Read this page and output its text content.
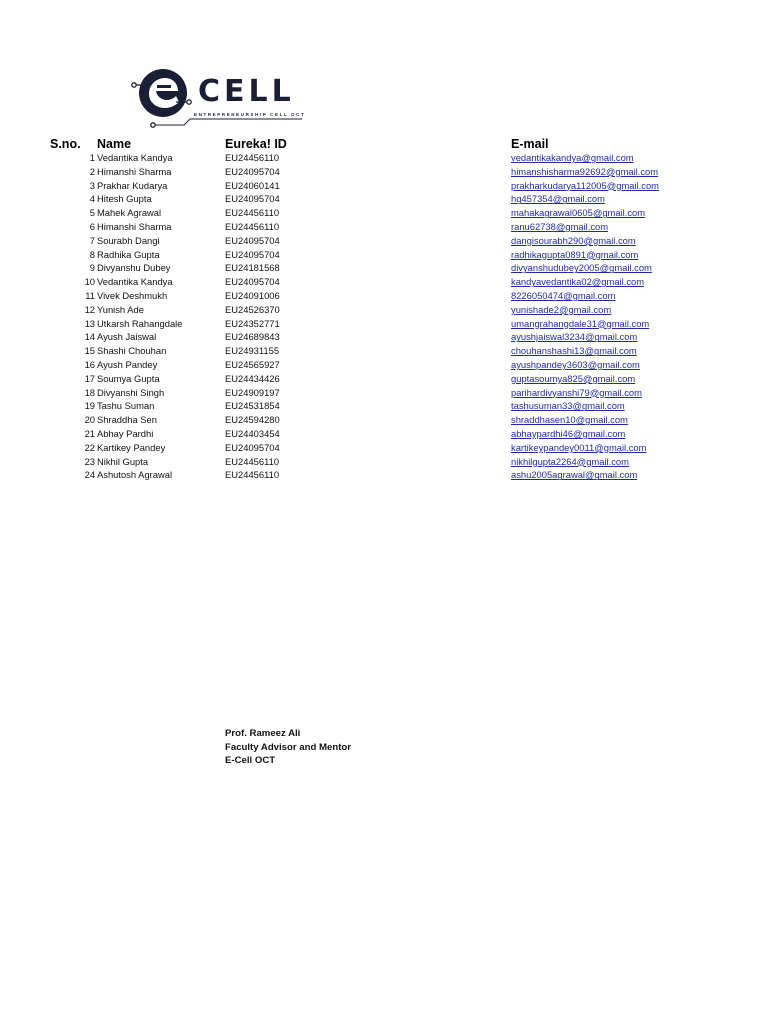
CELL
ENTREPRENEURSHIP CELL OCT
S.no. Name	Eureka! ID	E-mail
1 Vedantika Kandya	EU24456110	vedantikakandya@gmail.com
2 Himanshi Sharma	EU24095704	himanshisharma92692@gmail.com
3 Prakhar Kudarya	EU24060141	prakharkudarya112005@gmail.com
4 Hitesh Gupta	EU24095704	hg457354@gmail.com
5 Mahek Agrawal	EU24456110	mahakagrawal0605@gmail.com
6 Himanshi Sharma	EU24456110	ranu62738@gmail.com
7 Sourabh Dangi	EU24095704	dangisourabh290@gmail.com
8 Radhika Gupta	EU24095704	radhikagupta0891@gmail.com
9 Divyanshu Dubey	EU24181568	divyanshudubey2005@gmail.com
10 Vedantika Kandya	EU24095704	kandyavedantika02@gmail.com
11 Vivek Deshmukh	EU24091006	8226050474@gmail.com
12 Yunish Ade	EU24526370	yunishade2@gmail.com
13 Utkarsh Rahangdale	EU24352771	umangrahangdale31@gmail.com
14 Ayush Jaiswal	EU24689843	ayushjaiswal3234@gmail.com
15 Shashi Chouhan	EU24931155	chouhanshashi13@gmail.com
16 Ayush Pandey	EU24565927	ayushpandey3603@gmail.com
17 Soumya Gupta	EU24434426	guptasoumya825@gmail.com
18 Divyanshi Singh	EU24909197	parihardivyanshi79@gmail.com
19 Tashu Suman	EU24531854	tashusuman33@gmail.com
20 Shraddha Sen	EU24594280	shraddhasen10@gmail.com
21 Abhay Pardhi	EU24403454	abhaypardhi46@gmail.com
22 Kartikey Pandey	EU24095704	kartikeypandey0011@gmail.com
23 Nikhil Gupta	EU24456110	nikhilgupta2264@gmail.com
24 Ashutosh Agrawal	EU24456110	ashu2005agrawal@gmail.com
Prof. Rameez Ali
Faculty Advisor and Mentor
E-Cell OCT
